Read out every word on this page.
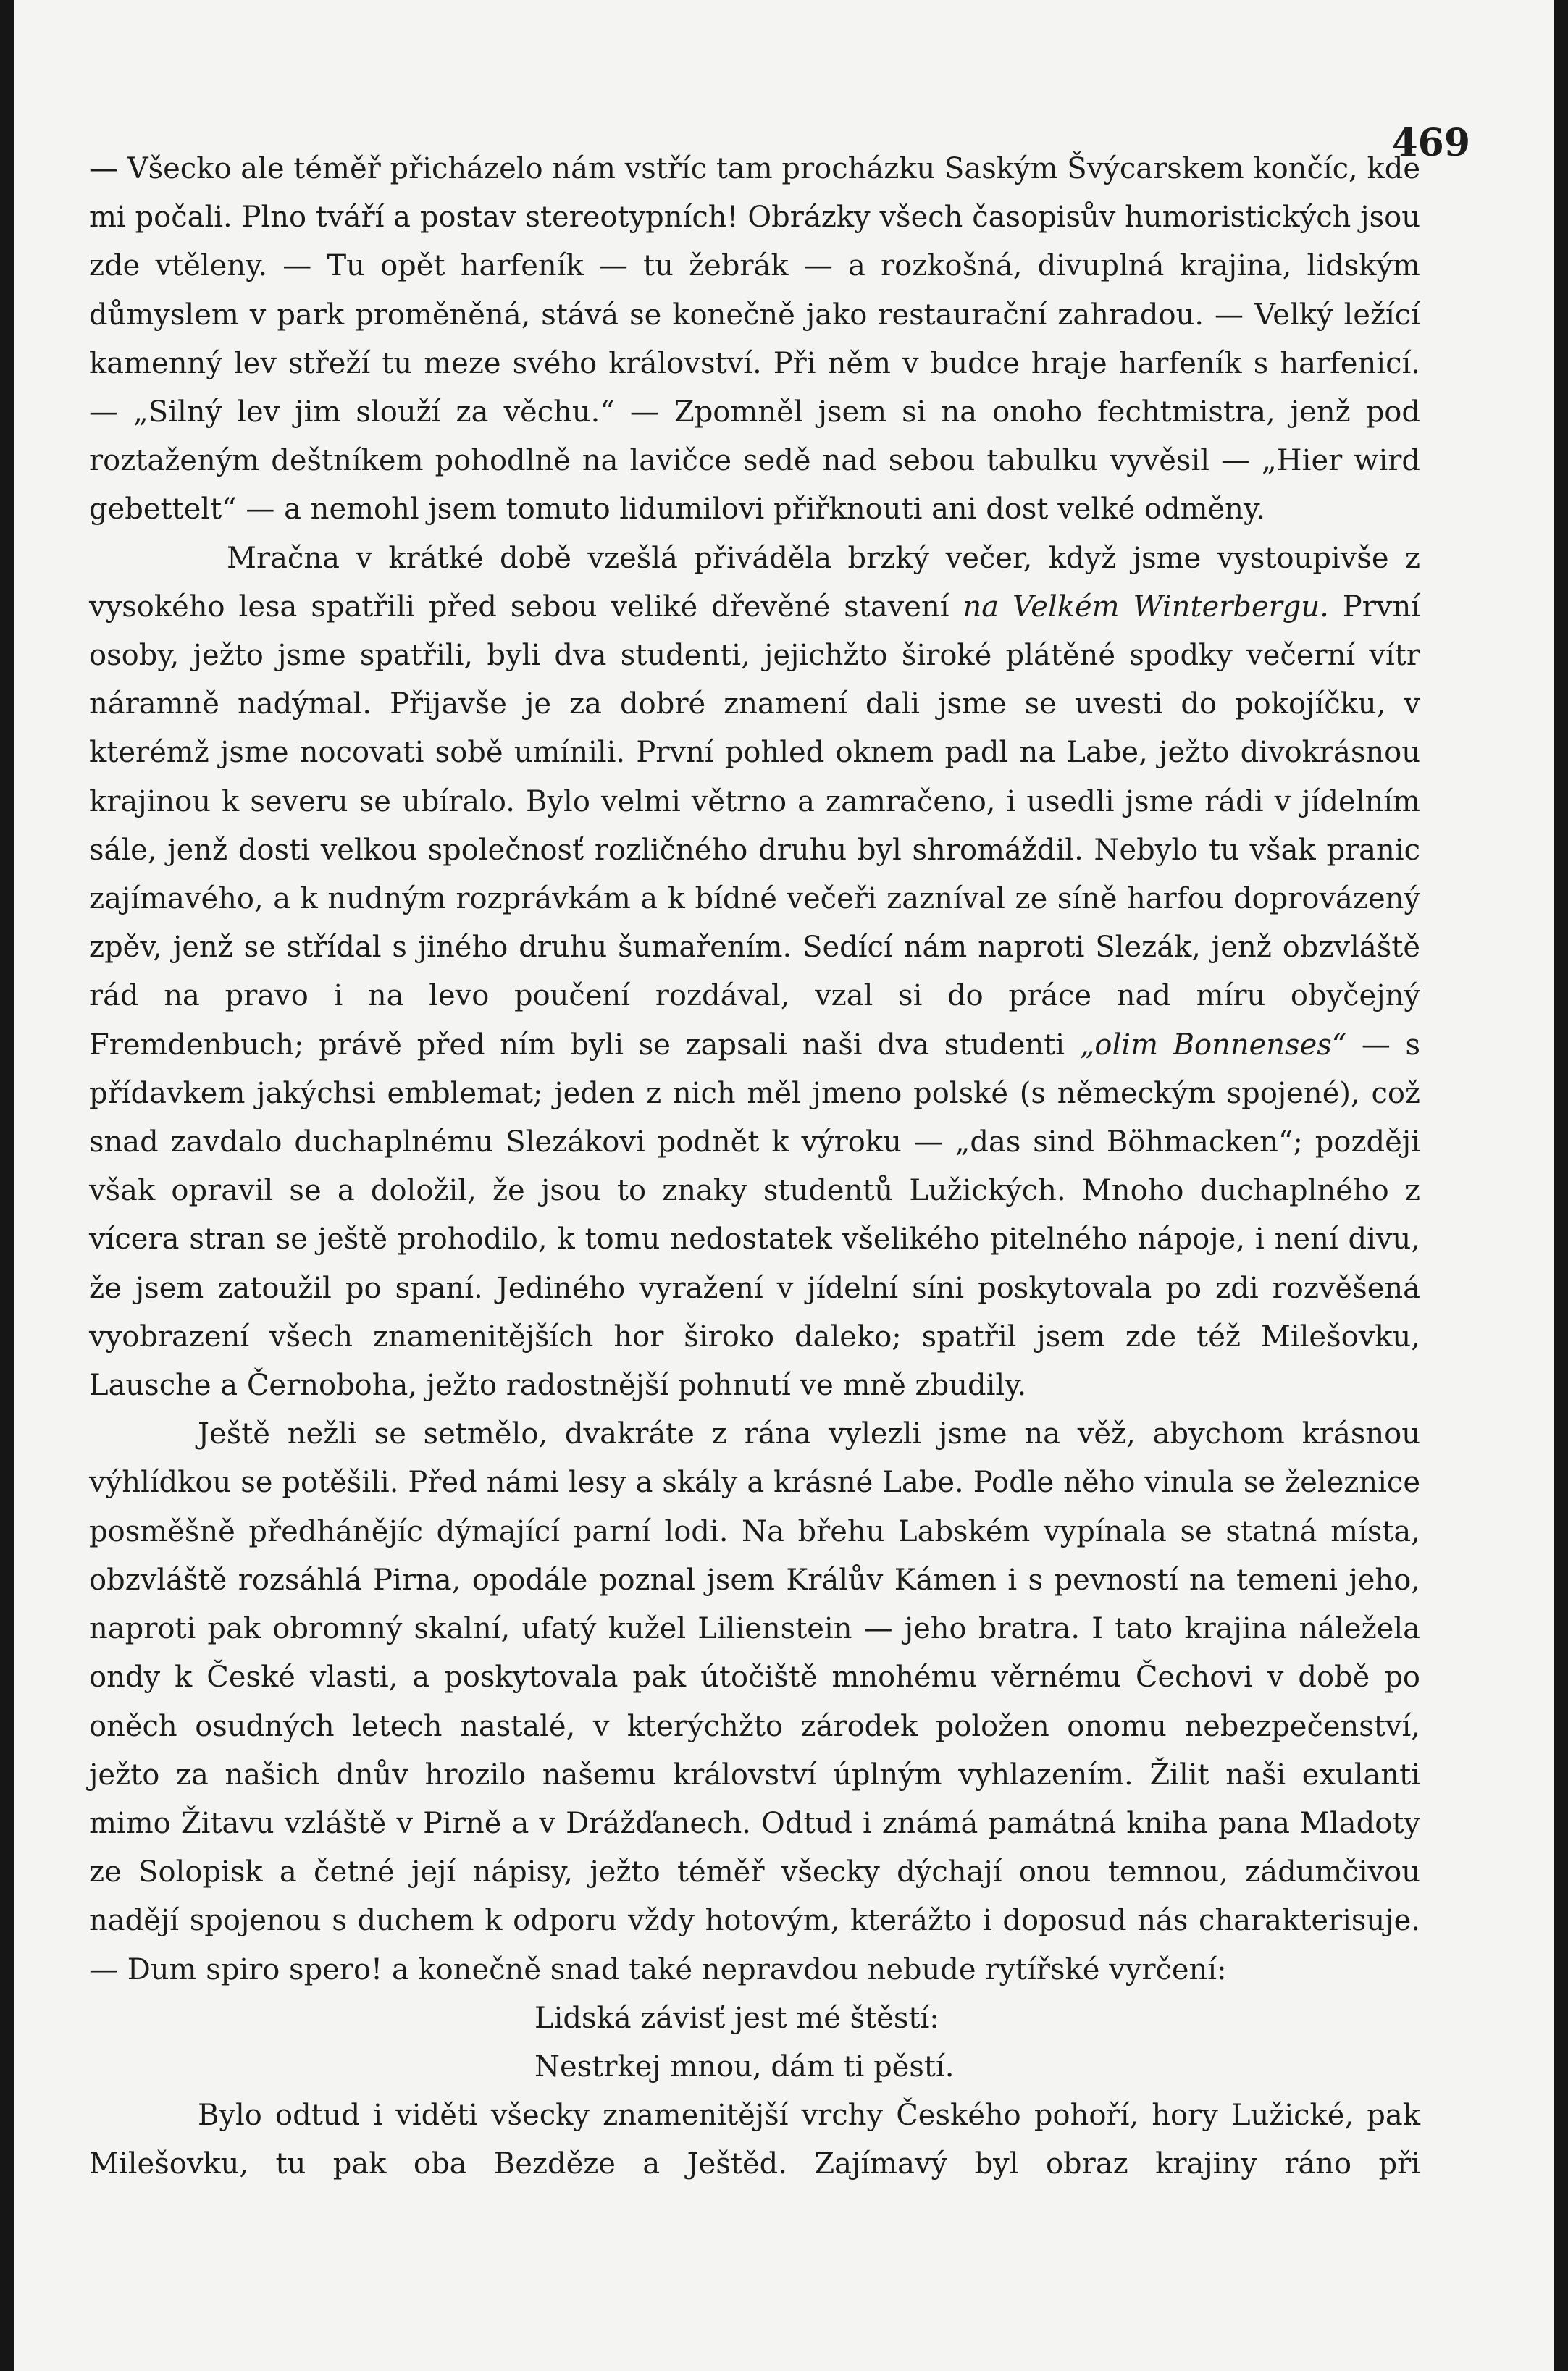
469

— Všecko ale téměř přicházelo nám vstříc tam procházku Saským Švýcarskem končíc, kde mi počali. Plno tváří a postav stereotypních! Obrázky všech časopisův humoristických jsou zde vtěleny. — Tu opět harfeník — tu žebrák — a rozkošná, divuplná krajina, lidským důmyslem v park proměněná, stává se konečně jako restaurační zahradou. — Velký ležící kamenný lev střeží tu meze svého království. Při něm v budce hraje harfeník s harfenicí. — „Silný lev jim slouží za věchu.“ — Zpomněl jsem si na onoho fechtmistra, jenž pod roztaženým deštníkem pohodlně na lavičce sedě nad sebou tabulku vyvěsil — „Hier wird gebettelt“ — a nemohl jsem tomuto lidumilovi přiřknouti ani dost velké odměny.

Mračna v krátké době vzešlá přiváděla brzký večer, když jsme vystoupivše z vysokého lesa spatřili před sebou veliké dřevěné stavení na Velkém Winterbergu. První osoby, ježto jsme spatřili, byli dva studenti, jejichžto široké plátěné spodky večerní vítr náramně nadýmal. Přijavše je za dobré znamení dali jsme se uvesti do pokojíčku, v kterémž jsme nocovati sobě umínili. První pohled oknem padl na Labe, ježto divokrásnou krajinou k severu se ubíralo. Bylo velmi větrno a zamračeno, i usedli jsme rádi v jídelním sále, jenž dosti velkou společnosť rozličného druhu byl shromáždil. Nebylo tu však pranic zajímavého, a k nudným rozprávkám a k bídné večeři zazníval ze síně harfou doprovázený zpěv, jenž se střídal s jiného druhu šumařením. Sedící nám naproti Slezák, jenž obzvláště rád na pravo i na levo poučení rozdával, vzal si do práce nad míru obyčejný Fremdenbuch; právě před ním byli se zapsali naši dva studenti „olim Bonnenses“ — s přídavkem jakýchsi emblemat; jeden z nich měl jmeno polské (s německým spojené), což snad zavdalo duchaplnému Slezákovi podnět k výroku — „das sind Böhmacken“; později však opravil se a doložil, že jsou to znaky studentů Lužických. Mnoho duchaplného z vícera stran se ještě prohodilo, k tomu nedostatek všelikého pitelného nápoje, i není divu, že jsem zatoužil po spaní. Jediného vyražení v jídelní síni poskytovala po zdi rozvěšená vyobrazení všech znamenitějších hor široko daleko; spatřil jsem zde též Milešovku, Lausche a Černoboha, ježto radostnější pohnutí ve mně zbudily.

Ještě nežli se setmělo, dvakráte z rána vylezli jsme na věž, abychom krásnou výhlídkou se potěšili. Před námi lesy a skály a krásné Labe. Podle něho vinula se železnice posměšně předhánějíc dýmající parní lodi. Na břehu Labském vypínala se statná místa, obzvláště rozsáhlá Pirna, opodále poznal jsem Králův Kámen i s pevností na temeni jeho, naproti pak obromný skalní, ufatý kužel Lilienstein — jeho bratra. I tato krajina náležela ondy k České vlasti, a poskytovala pak útočiště mnohému věrnému Čechovi v době po oněch osudných letech nastalé, v kterýchžto zárodek položen onomu nebezpečenství, ježto za našich dnův hrozilo našemu království úplným vyhlazením. Žilit naši exulanti mimo Žitavu vzláště v Pirně a v Drážďanech. Odtud i známá památná kniha pana Mladoty ze Solopisk a četné její nápisy, ježto téměř všecky dýchají onou temnou, zádumčivou nadějí spojenou s duchem k odporu vždy hotovým, kterážto i doposud nás charakterisuje. — Dum spiro spero! a konečně snad také nepravdou nebude rytířské vyrčení:

Lidská závisť jest mé štěstí:

Nestrkej mnou, dám ti pěstí.

Bylo odtud i viděti všecky znamenitější vrchy Českého pohoří, hory Lužické, pak Milešovku, tu pak oba Bezděze a Ještěd. Zajímavý byl obraz krajiny ráno při
